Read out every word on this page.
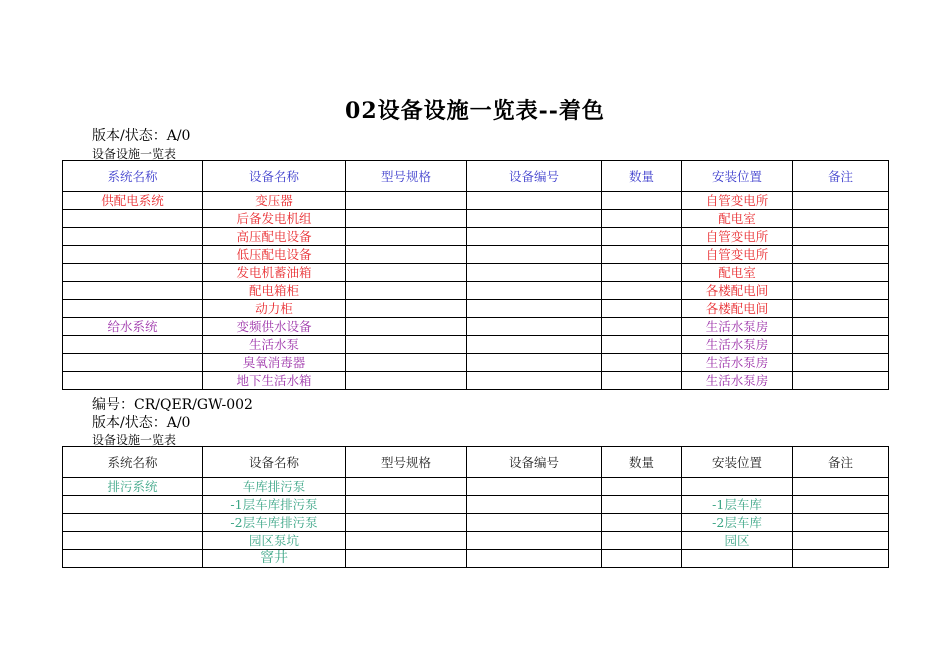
02设备设施一览表--着色
版本/状态：A/0
设备设施一览表
系统名称	设备名称	型号规格	设备编号	数量	安装位置	备注
供配电系统	变压器				自管变电所	
	后备发电机组				配电室	
	高压配电设备				自管变电所	
	低压配电设备				自管变电所	
	发电机蓄油箱				配电室	
	配电箱柜				各楼配电间	
	动力柜				各楼配电间	
给水系统	变频供水设备				生活水泵房	
	生活水泵				生活水泵房	
	臭氧消毒器				生活水泵房	
	地下生活水箱				生活水泵房	
编号：CR/QER/GW-002
版本/状态：A/0
设备设施一览表
系统名称	设备名称	型号规格	设备编号	数量	安装位置	备注
排污系统	车库排污泵					
	-1层车库排污泵				-1层车库	
	-2层车库排污泵				-2层车库	
	园区泵坑				园区	
	窨井					
